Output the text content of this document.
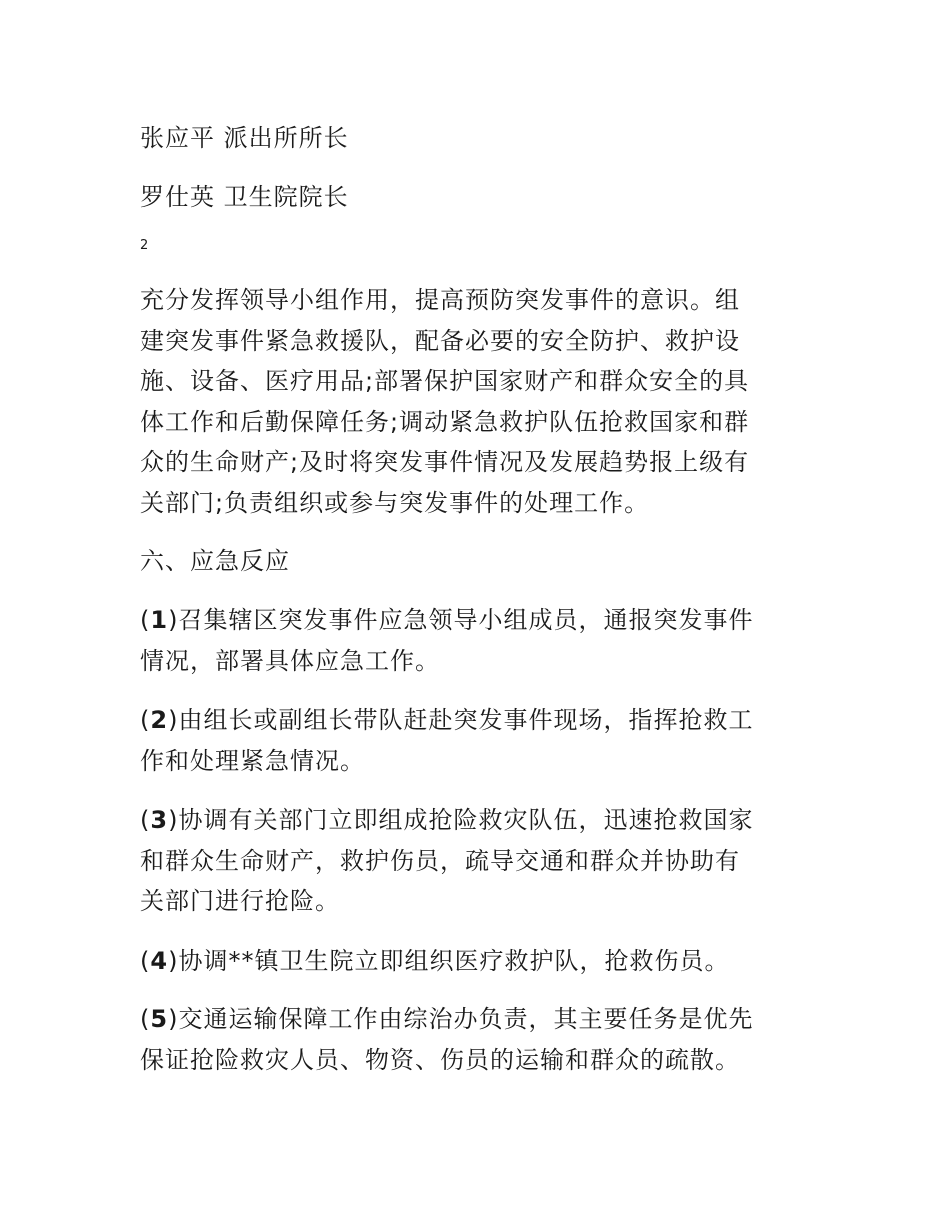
张应平 派出所所长
罗仕英 卫生院院长
2
充分发挥领导小组作用，提高预防突发事件的意识。组
建突发事件紧急救援队，配备必要的安全防护、救护设
施、设备、医疗用品;部署保护国家财产和群众安全的具
体工作和后勤保障任务;调动紧急救护队伍抢救国家和群
众的生命财产;及时将突发事件情况及发展趋势报上级有
关部门;负责组织或参与突发事件的处理工作。
六、应急反应
(1)召集辖区突发事件应急领导小组成员，通报突发事件
情况，部署具体应急工作。
(2)由组长或副组长带队赶赴突发事件现场，指挥抢救工
作和处理紧急情况。
(3)协调有关部门立即组成抢险救灾队伍，迅速抢救国家
和群众生命财产，救护伤员，疏导交通和群众并协助有
关部门进行抢险。
(4)协调**镇卫生院立即组织医疗救护队，抢救伤员。
(5)交通运输保障工作由综治办负责，其主要任务是优先
保证抢险救灾人员、物资、伤员的运输和群众的疏散。
